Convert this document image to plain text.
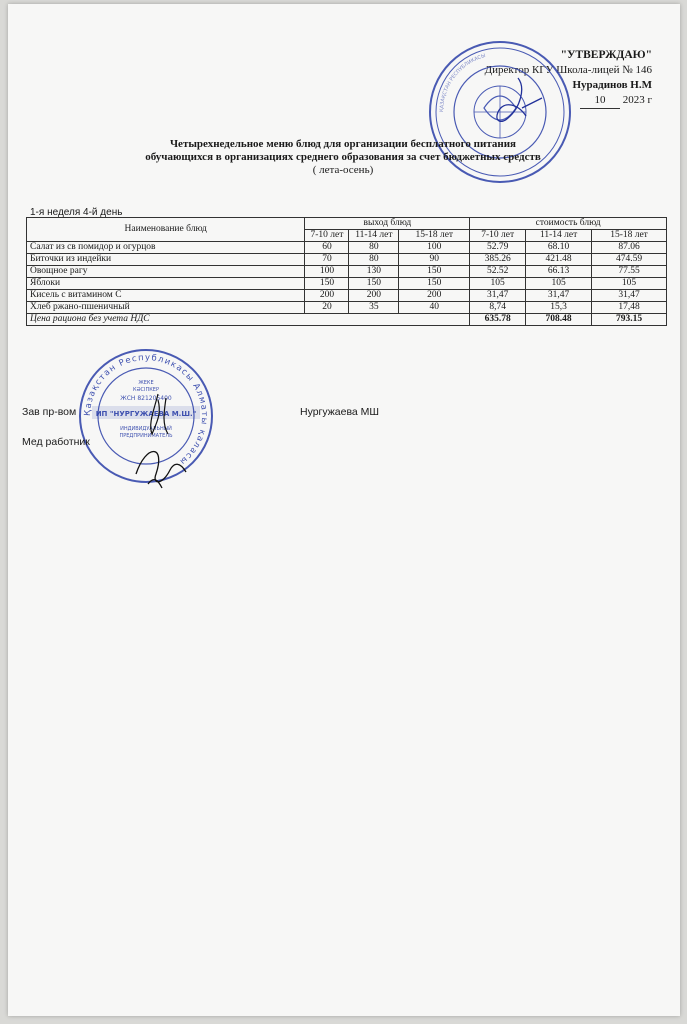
"УТВЕРЖДАЮ"
Директор КГУ Школа-лицей № 146
Нурадинов Н.М
10 2023 г
ҚАЗАҚСТАН РЕСПУБЛИКАСЫ
Четырехнедельное меню блюд для организации бесплатного питания
обучающихся в организациях среднего образования за счет бюджетных средств
( лета-осень)
1-я неделя 4-й день
Наименование блюд	выход блюд			стоимость блюд		
	7-10 лет	11-14 лет	15-18 лет	7-10 лет	11-14 лет	15-18 лет
Салат из св помидор и огурцов	60	80	100	52.79	68.10	87.06
Биточки из индейки	70	80	90	385.26	421.48	474.59
Овощное рагу	100	130	150	52.52	66.13	77.55
Яблоки	150	150	150	105	105	105
Кисель с витамином С	200	200	200	31,47	31,47	31,47
Хлеб ржано-пшеничный	20	35	40	8,74	15,3	17,48
Цена рациона без учета НДС				635.78	708.48	793.15
Қазақстан Республикасы Алматы қаласы
ЖЕКЕ
КӘСІПКЕР
ЖСН 821205400
ИП "НУРГУЖАЕВА М.Ш."
ИНДИВИДУАЛЬНЫЙ
ПРЕДПРИНИМАТЕЛЬ
Зав пр-вом	Нургужаева МШ
Мед работник
